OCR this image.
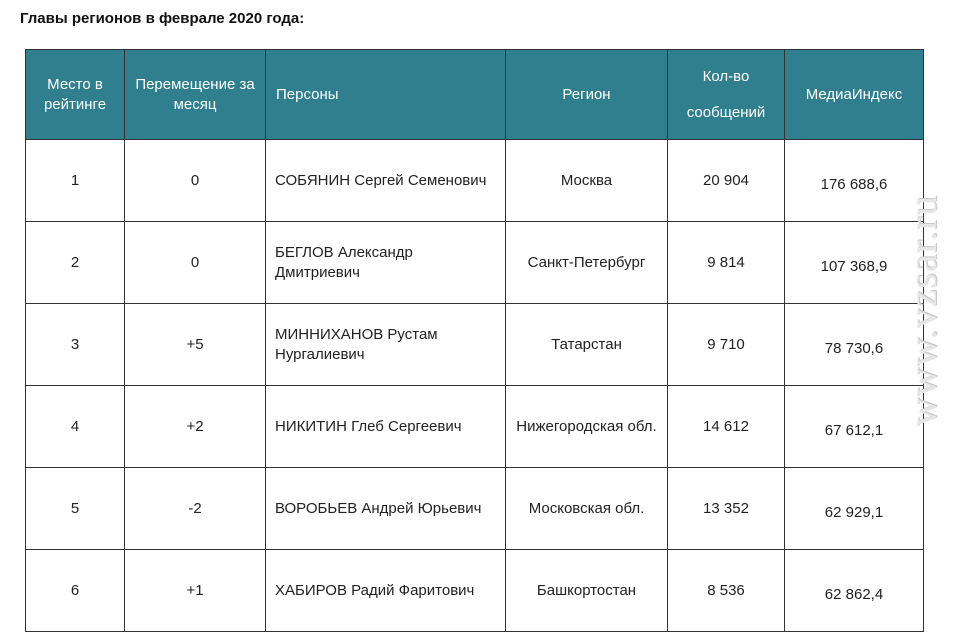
Главы регионов в феврале 2020 года:
Место в рейтинге	Перемещение за месяц	Персоны	Регион	Кол-во сообщений	МедиаИндекс
1	0	СОБЯНИН Сергей Семенович	Москва	20 904	176 688,6
2	0	БЕГЛОВ Александр Дмитриевич	Санкт-Петербург	9 814	107 368,9
3	+5	МИННИХАНОВ Рустам Нургалиевич	Татарстан	9 710	78 730,6
4	+2	НИКИТИН Глеб Сергеевич	Нижегородская обл.	14 612	67 612,1
5	-2	ВОРОБЬЕВ Андрей Юрьевич	Московская обл.	13 352	62 929,1
6	+1	ХАБИРОВ Радий Фаритович	Башкортостан	8 536	62 862,4
www.vzsar.ru
